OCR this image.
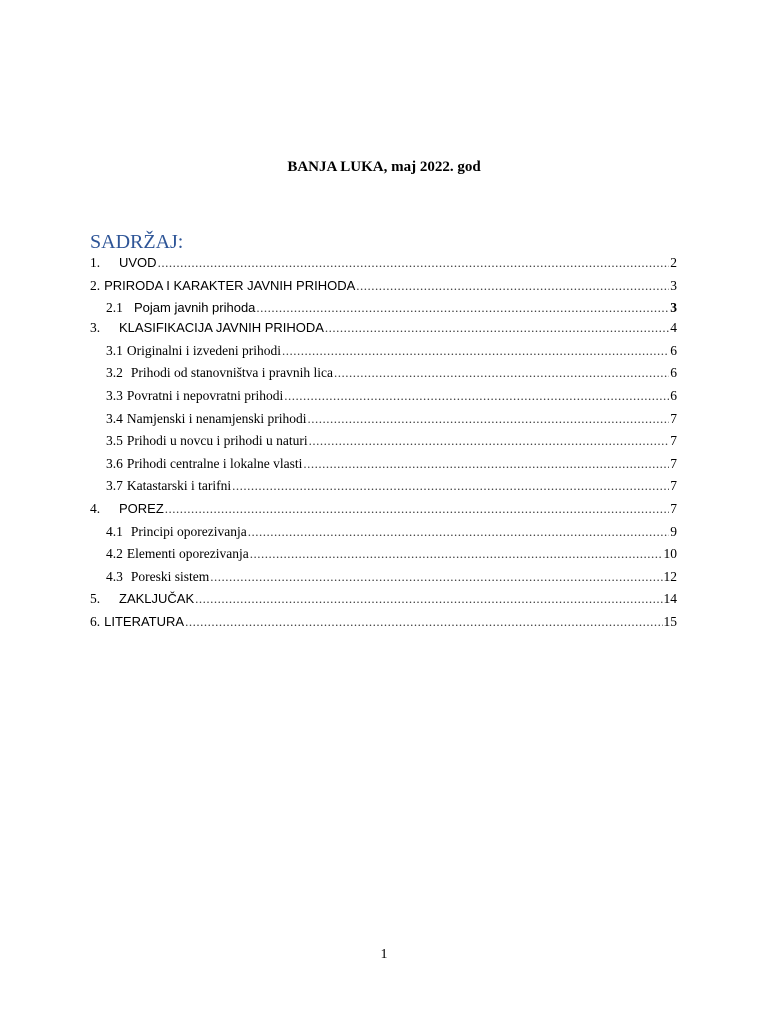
BANJA LUKA, maj 2022. god
SADRŽAJ:
1.	UVOD .....	2
2. PRIRODA I KARAKTER JAVNIH PRIHODA .....	3
2.1 Pojam javnih prihoda .....	3
3.	KLASIFIKACIJA JAVNIH PRIHODA .....	4
3.1 Originalni i izvedeni prihodi .....	6
3.2 Prihodi od stanovništva i pravnih lica .....	6
3.3 Povratni i nepovratni prihodi .....	6
3.4 Namjenski i nenamjenski prihodi .....	7
3.5 Prihodi u novcu i prihodi u naturi .....	7
3.6 Prihodi centralne i lokalne vlasti .....	7
3.7 Katastarski i tarifni .....	7
4.	POREZ .....	7
4.1 Principi oporezivanja .....	9
4.2 Elementi oporezivanja .....	10
4.3 Poreski sistem .....	12
5.	ZAKLJUČAK .....	14
6. LITERATURA .....	15
1
